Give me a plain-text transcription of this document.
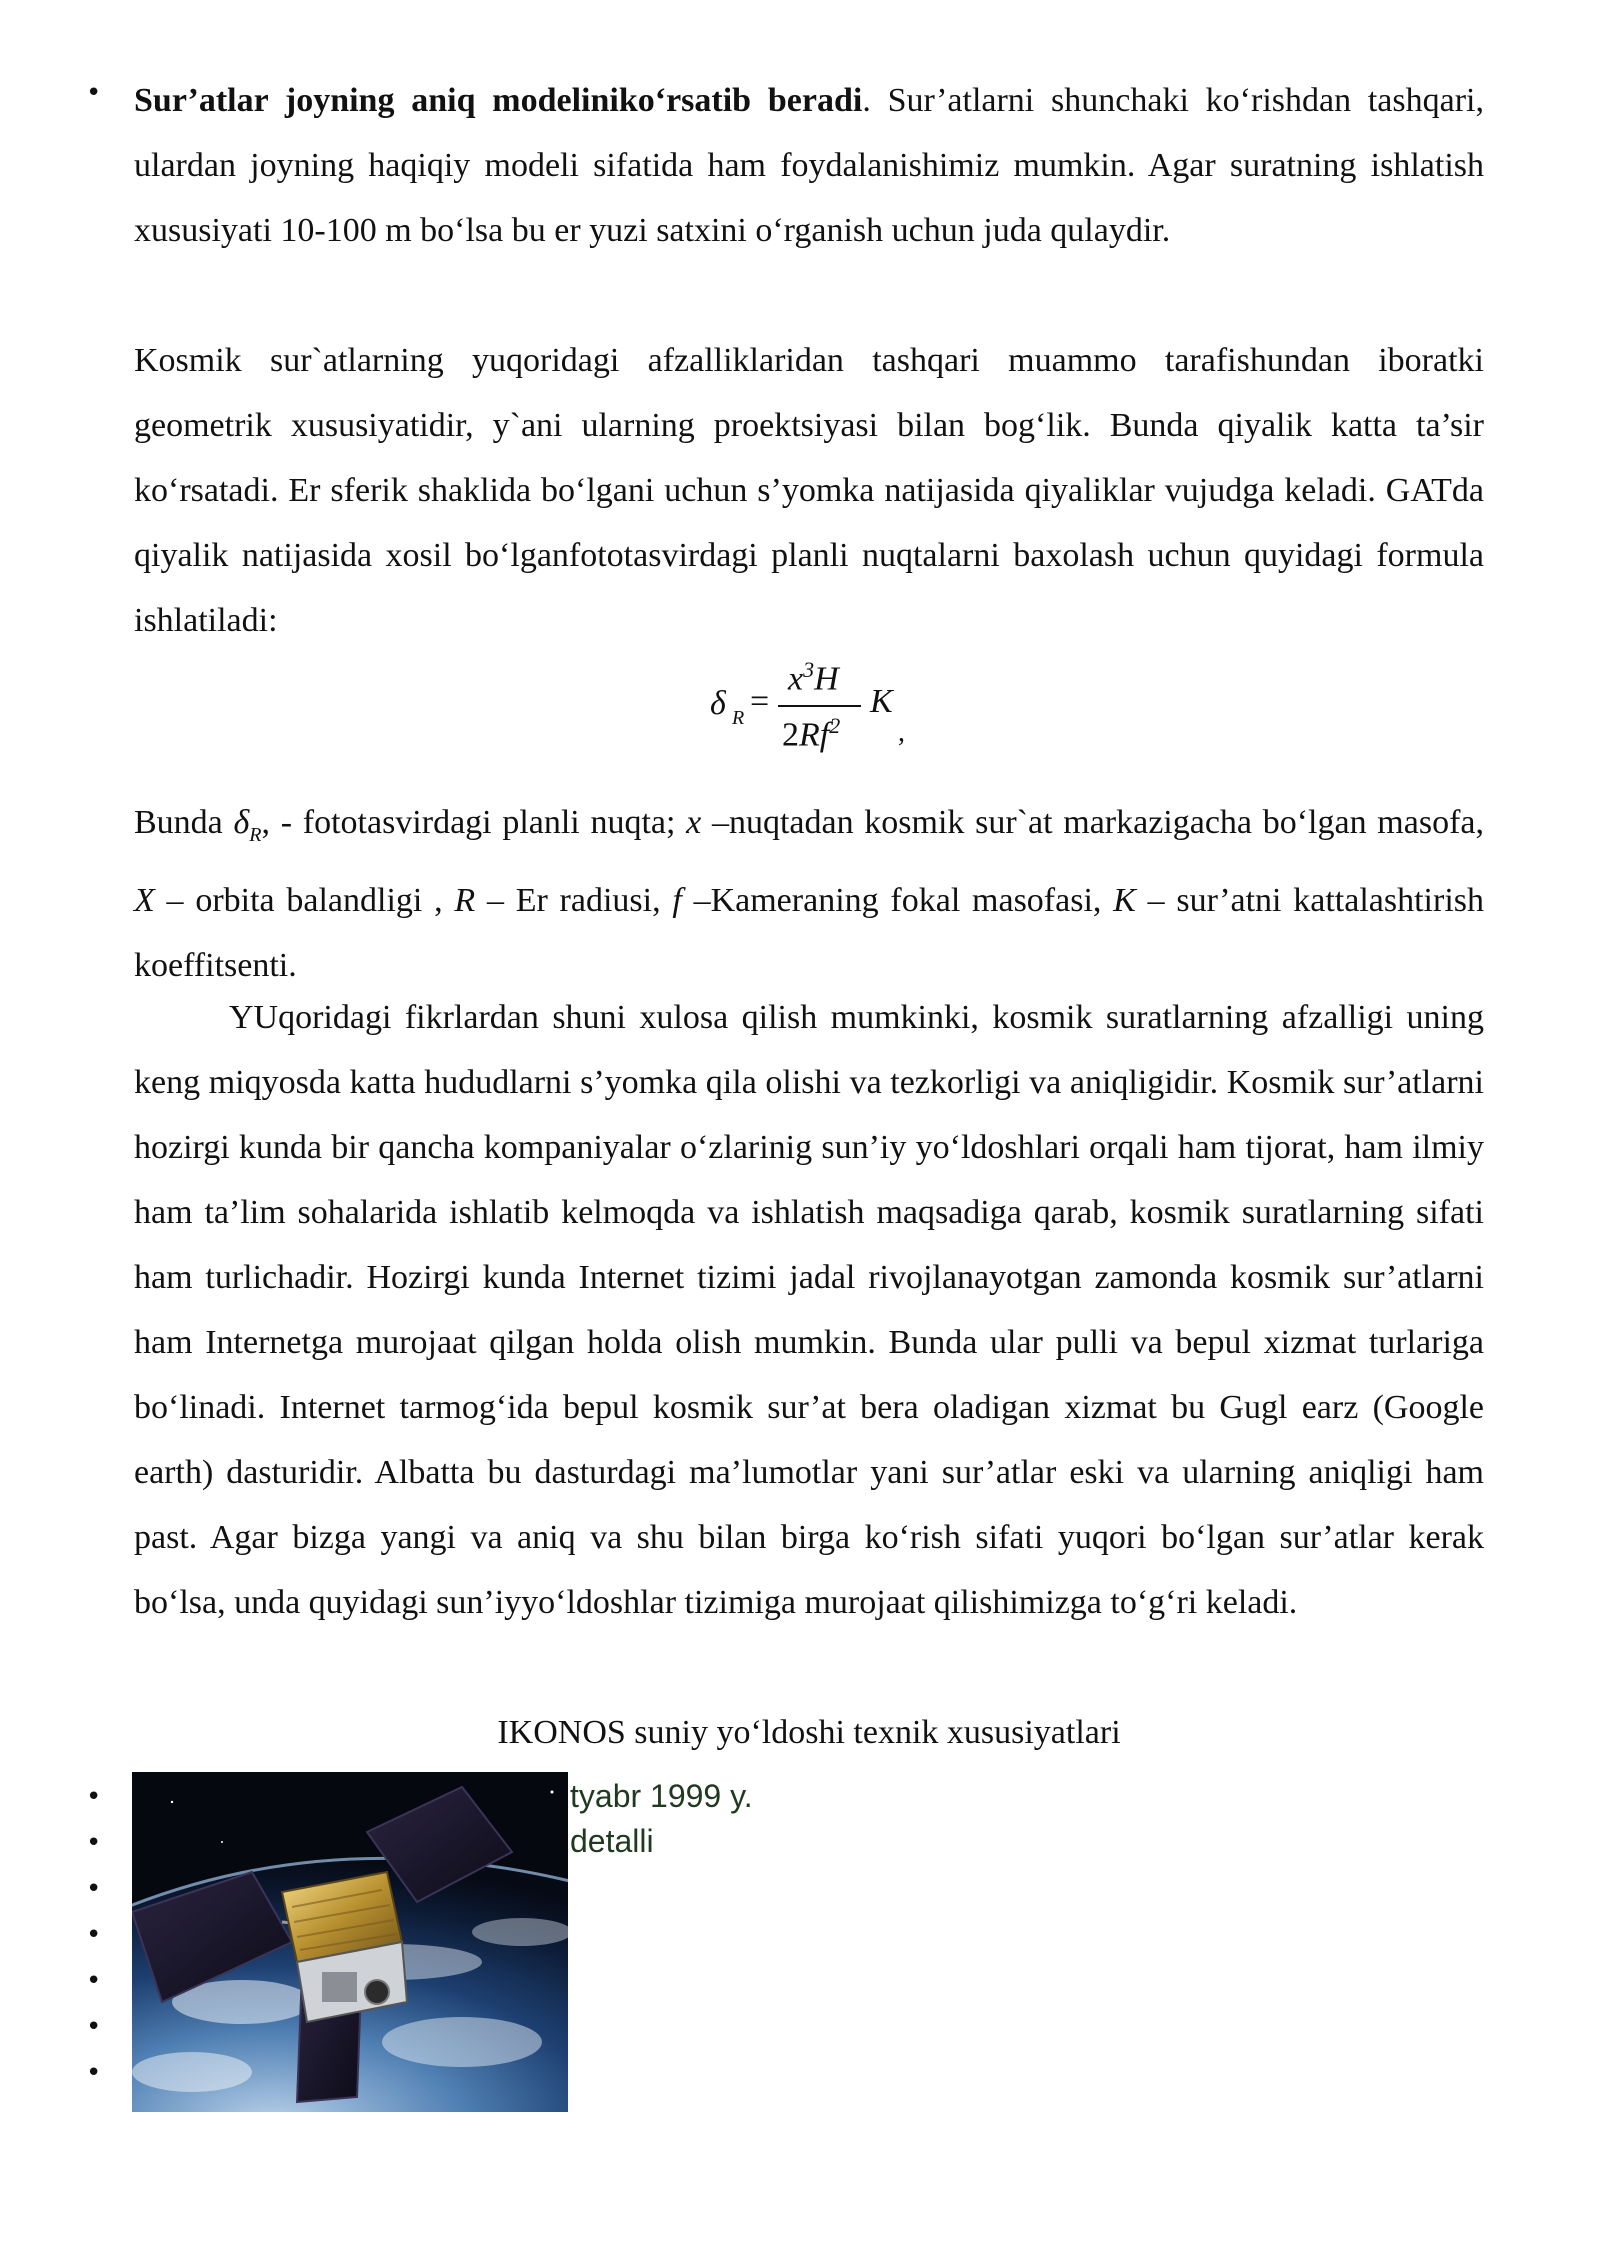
• Sur’atlar joyning aniq modeliniko‘rsatib beradi. Sur’atlarni shunchaki ko‘rishdan tashqari, ulardan joyning haqiqiy modeli sifatida ham foydalanishimiz mumkin. Agar suratning ishlatish xususiyati 10-100 m bo‘lsa bu er yuzi satxini o‘rganish uchun juda qulaydir.

Kosmik sur`atlarning yuqoridagi afzalliklaridan tashqari muammo tarafishundan iboratki geometrik xususiyatidir, y`ani ularning proektsiyasi bilan bog‘lik. Bunda qiyalik katta ta’sir ko‘rsatadi. Er sferik shaklida bo‘lgani uchun s’yomka natijasida qiyaliklar vujudga keladi. GATda qiyalik natijasida xosil bo‘lganfototasvirdagi planli nuqtalarni baxolash uchun quyidagi formula ishlatiladi:

δ R =
$x^3H$
2Rf$^2$
K
,

Bunda $\delta_R$, - fototasvirdagi planli nuqta; x –nuqtadan kosmik sur`at markazigacha bo‘lgan masofa, X – orbita balandligi , R – Er radiusi, f –Kameraning fokal masofasi, K – sur’atni kattalashtirish koeffitsenti.

YUqoridagi fikrlardan shuni xulosa qilish mumkinki, kosmik suratlarning afzalligi uning keng miqyosda katta hududlarni s’yomka qila olishi va tezkorligi va aniqligidir. Kosmik sur’atlarni hozirgi kunda bir qancha kompaniyalar o‘zlarinig sun’iy yo‘ldoshlari orqali ham tijorat, ham ilmiy ham ta’lim sohalarida ishlatib kelmoqda va ishlatish maqsadiga qarab, kosmik suratlarning sifati ham turlichadir. Hozirgi kunda Internet tizimi jadal rivojlanayotgan zamonda kosmik sur’atlarni ham Internetga murojaat qilgan holda olish mumkin. Bunda ular pulli va bepul xizmat turlariga bo‘linadi. Internet tarmog‘ida bepul kosmik sur’at bera oladigan xizmat bu Gugl earz (Google earth) dasturidir. Albatta bu dasturdagi ma’lumotlar yani sur’atlar eski va ularning aniqligi ham past. Agar bizga yangi va aniq va shu bilan birga ko‘rish sifati yuqori bo‘lgan sur’atlar kerak bo‘lsa, unda quyidagi sun’iyyo‘ldoshlar tizimiga murojaat qilishimizga to‘g‘ri keladi.

IKONOS suniy yo‘ldoshi texnik xususiyatlari
•
•
•
•
•
•
•
tyabr 1999 y.
detalli
